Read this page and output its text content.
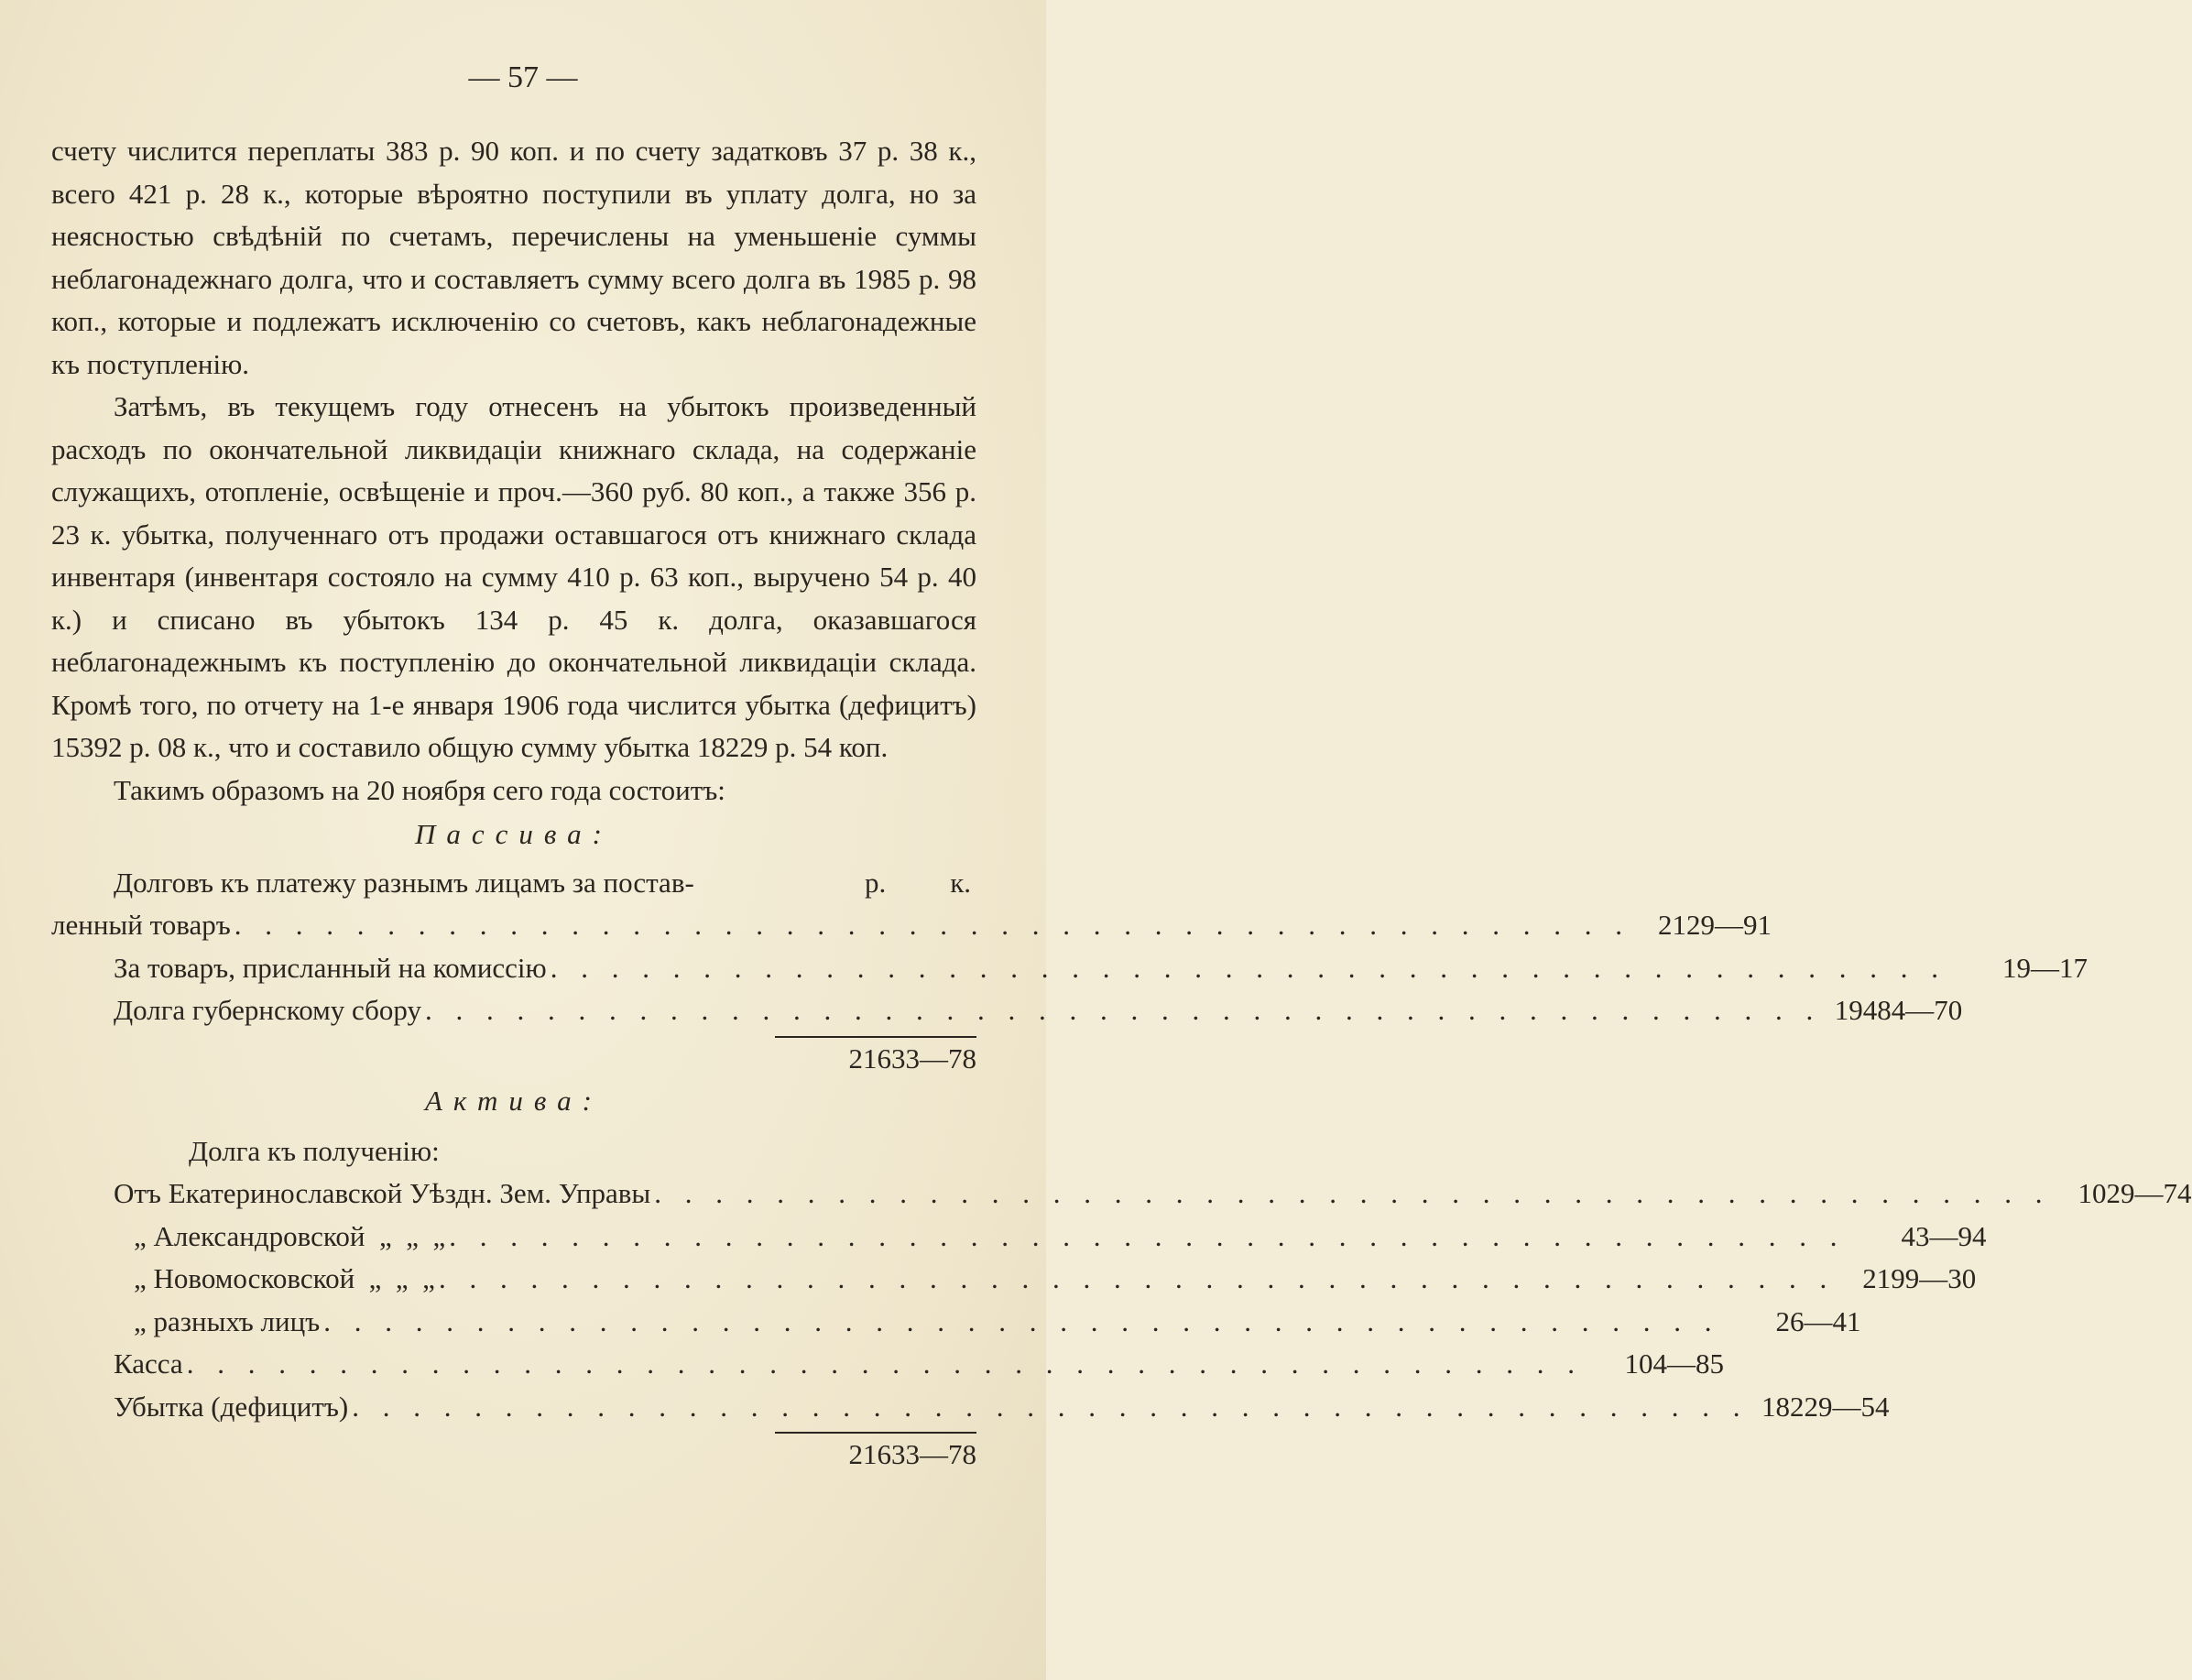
— 57 —

счету числится переплаты 383 р. 90 коп. и по счету задатковъ 37 р. 38 к., всего 421 р. 28 к., которые вѣроятно поступили въ уплату долга, но за неясностью свѣдѣній по счетамъ, перечислены на уменьшеніе суммы неблагонадежнаго долга, что и составляетъ сумму всего долга въ 1985 р. 98 коп., которые и подлежатъ исключенію со счетовъ, какъ неблагонадежные къ поступленію.

Затѣмъ, въ текущемъ году отнесенъ на убытокъ произведенный расходъ по окончательной ликвидаціи книжнаго склада, на содержаніе служащихъ, отопленіе, освѣщеніе и проч.—360 руб. 80 коп., а также 356 р. 23 к. убытка, полученнаго отъ продажи оставшагося отъ книжнаго склада инвентаря (инвентаря состояло на сумму 410 р. 63 коп., выручено 54 р. 40 к.) и списано въ убытокъ 134 р. 45 к. долга, оказавшагося неблагонадежнымъ къ поступленію до окончательной ликвидаціи склада. Кромѣ того, по отчету на 1-е января 1906 года числится убытка (дефицитъ) 15392 р. 08 к., что и составило общую сумму убытка 18229 р. 54 коп.

Такимъ образомъ на 20 ноября сего года состоитъ:

Пассива:

Долговъ къ платежу разнымъ лицамъ за постав-	р. к.
ленный товаръ . . . . . . . . . . . . . . . . . . . . . . . . . . . . . . . . . . . . . . . . . . . . . . 2129—91
За товаръ, присланный на комиссію . . . . . . . . . . . . . . . . . . . . . . . . . . . . . . . . . . . . . . . . . . . . . .	19—17
Долга губернскому сбору . . . . . . . . . . . . . . . . . . . . . . . . . . . . . . . . . . . . . . . . . . . . . . 19484—70
21633—78

Актива:

Долга къ полученію:
Отъ Екатеринославской Уѣздн. Зем. Управы . . . . . . . . . . . . . . . . . . . . . . . . . . . . . . . . . . . . . . . . . . . . . . 1029—74
„ Александровской  „  „  „ . . . . . . . . . . . . . . . . . . . . . . . . . . . . . . . . . . . . . . . . . . . . . .	43—94
„ Новомосковской  „  „  „ . . . . . . . . . . . . . . . . . . . . . . . . . . . . . . . . . . . . . . . . . . . . . . 2199—30
„ разныхъ лицъ . . . . . . . . . . . . . . . . . . . . . . . . . . . . . . . . . . . . . . . . . . . . . .	26—41
Касса . . . . . . . . . . . . . . . . . . . . . . . . . . . . . . . . . . . . . . . . . . . . . .	104—85
Убытка (дефицитъ) . . . . . . . . . . . . . . . . . . . . . . . . . . . . . . . . . . . . . . . . . . . . . . 18229—54
21633—78
